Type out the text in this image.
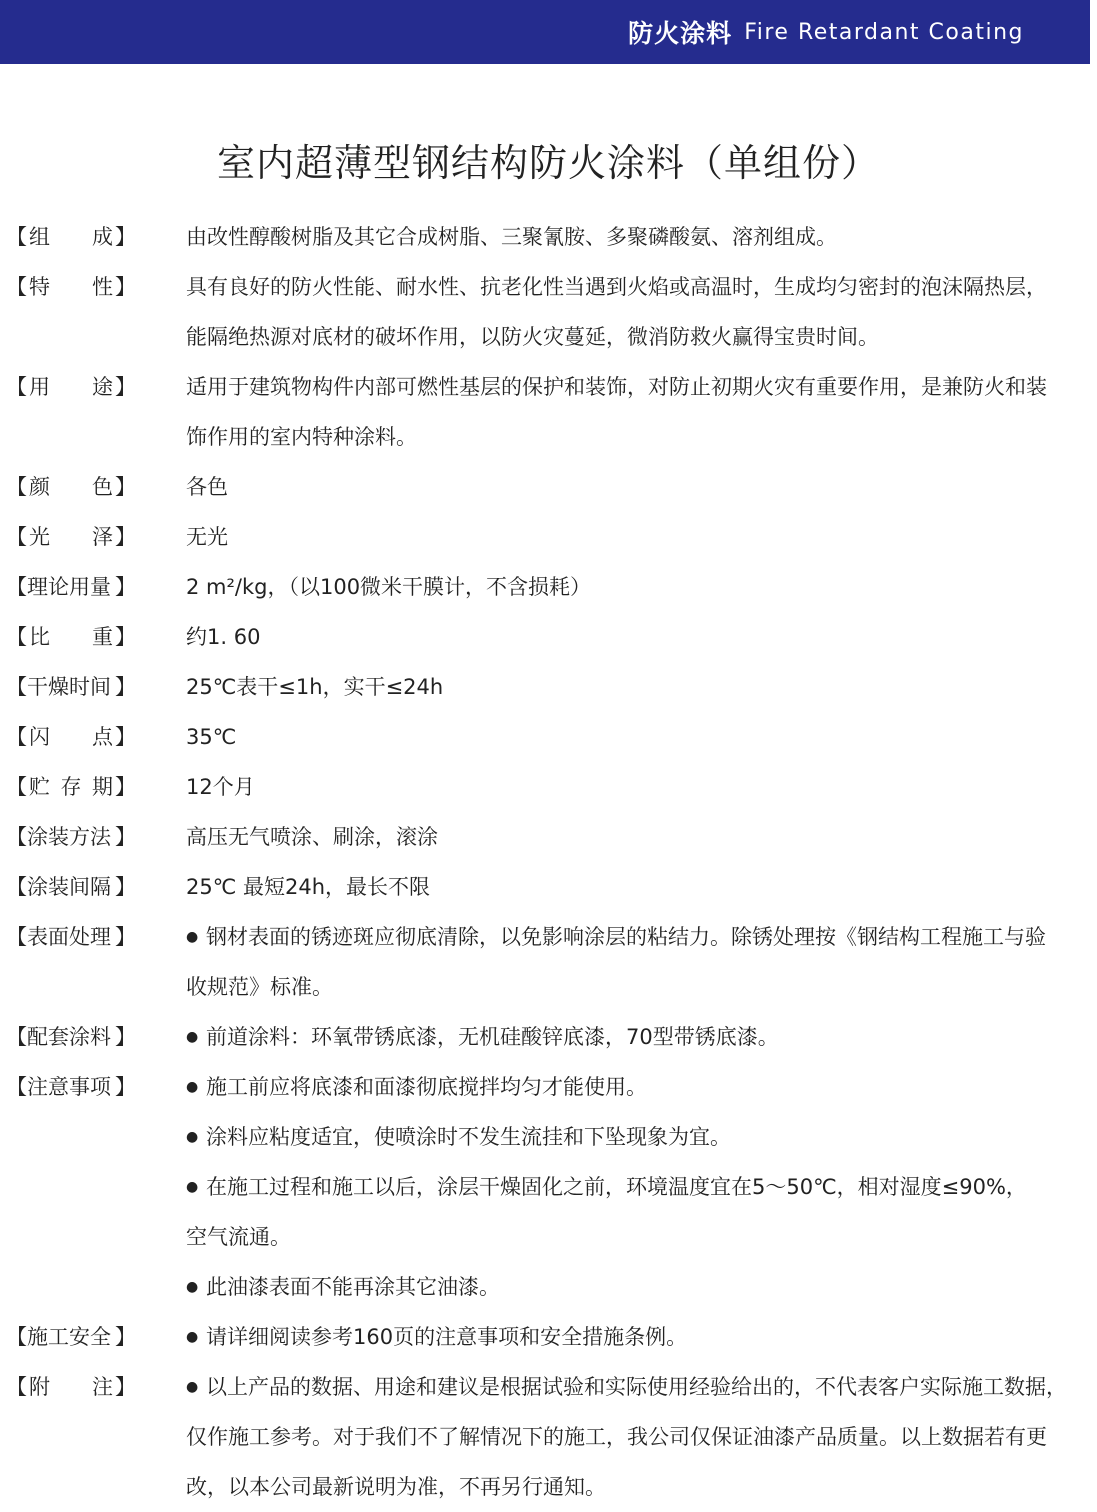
防火涂料 Fire Retardant Coating
室内超薄型钢结构防火涂料（单组份）
【 组 成 】 由改性醇酸树脂及其它合成树脂、三聚氰胺、多聚磷酸氨、溶剂组成。
【 特 性 】 具有良好的防火性能、耐水性、抗老化性当遇到火焰或高温时，生成均匀密封的泡沫隔热层，
能隔绝热源对底材的破坏作用，以防火灾蔓延，微消防救火赢得宝贵时间。
【 用 途 】 适用于建筑物构件内部可燃性基层的保护和装饰，对防止初期火灾有重要作用，是兼防火和装
饰作用的室内特种涂料。
【 颜 色 】 各色
【 光 泽 】 无光
【 理论用量 】 2 m²/kg，（以100微米干膜计，不含损耗）
【 比 重 】 约1. 60
【 干燥时间 】 25℃表干≤1h，实干≤24h
【 闪 点 】 35℃
【 贮 存 期 】 12个月
【 涂装方法 】 高压无气喷涂、刷涂，滚涂
【 涂装间隔 】 25℃ 最短24h，最长不限
【 表面处理 】	● 钢材表面的锈迹斑应彻底清除，以免影响涂层的粘结力。除锈处理按《钢结构工程施工与验
收规范》标准。
【 配套涂料 】	● 前道涂料：环氧带锈底漆，无机硅酸锌底漆，70型带锈底漆。
【 注意事项 】	● 施工前应将底漆和面漆彻底搅拌均匀才能使用。
● 涂料应粘度适宜，使喷涂时不发生流挂和下坠现象为宜。
● 在施工过程和施工以后，涂层干燥固化之前，环境温度宜在5～50℃，相对湿度≤90%，
空气流通。
● 此油漆表面不能再涂其它油漆。
【 施工安全 】	● 请详细阅读参考160页的注意事项和安全措施条例。
【 附 注 】	● 以上产品的数据、用途和建议是根据试验和实际使用经验给出的，不代表客户实际施工数据，
仅作施工参考。对于我们不了解情况下的施工，我公司仅保证油漆产品质量。以上数据若有更
改，以本公司最新说明为准，不再另行通知。
